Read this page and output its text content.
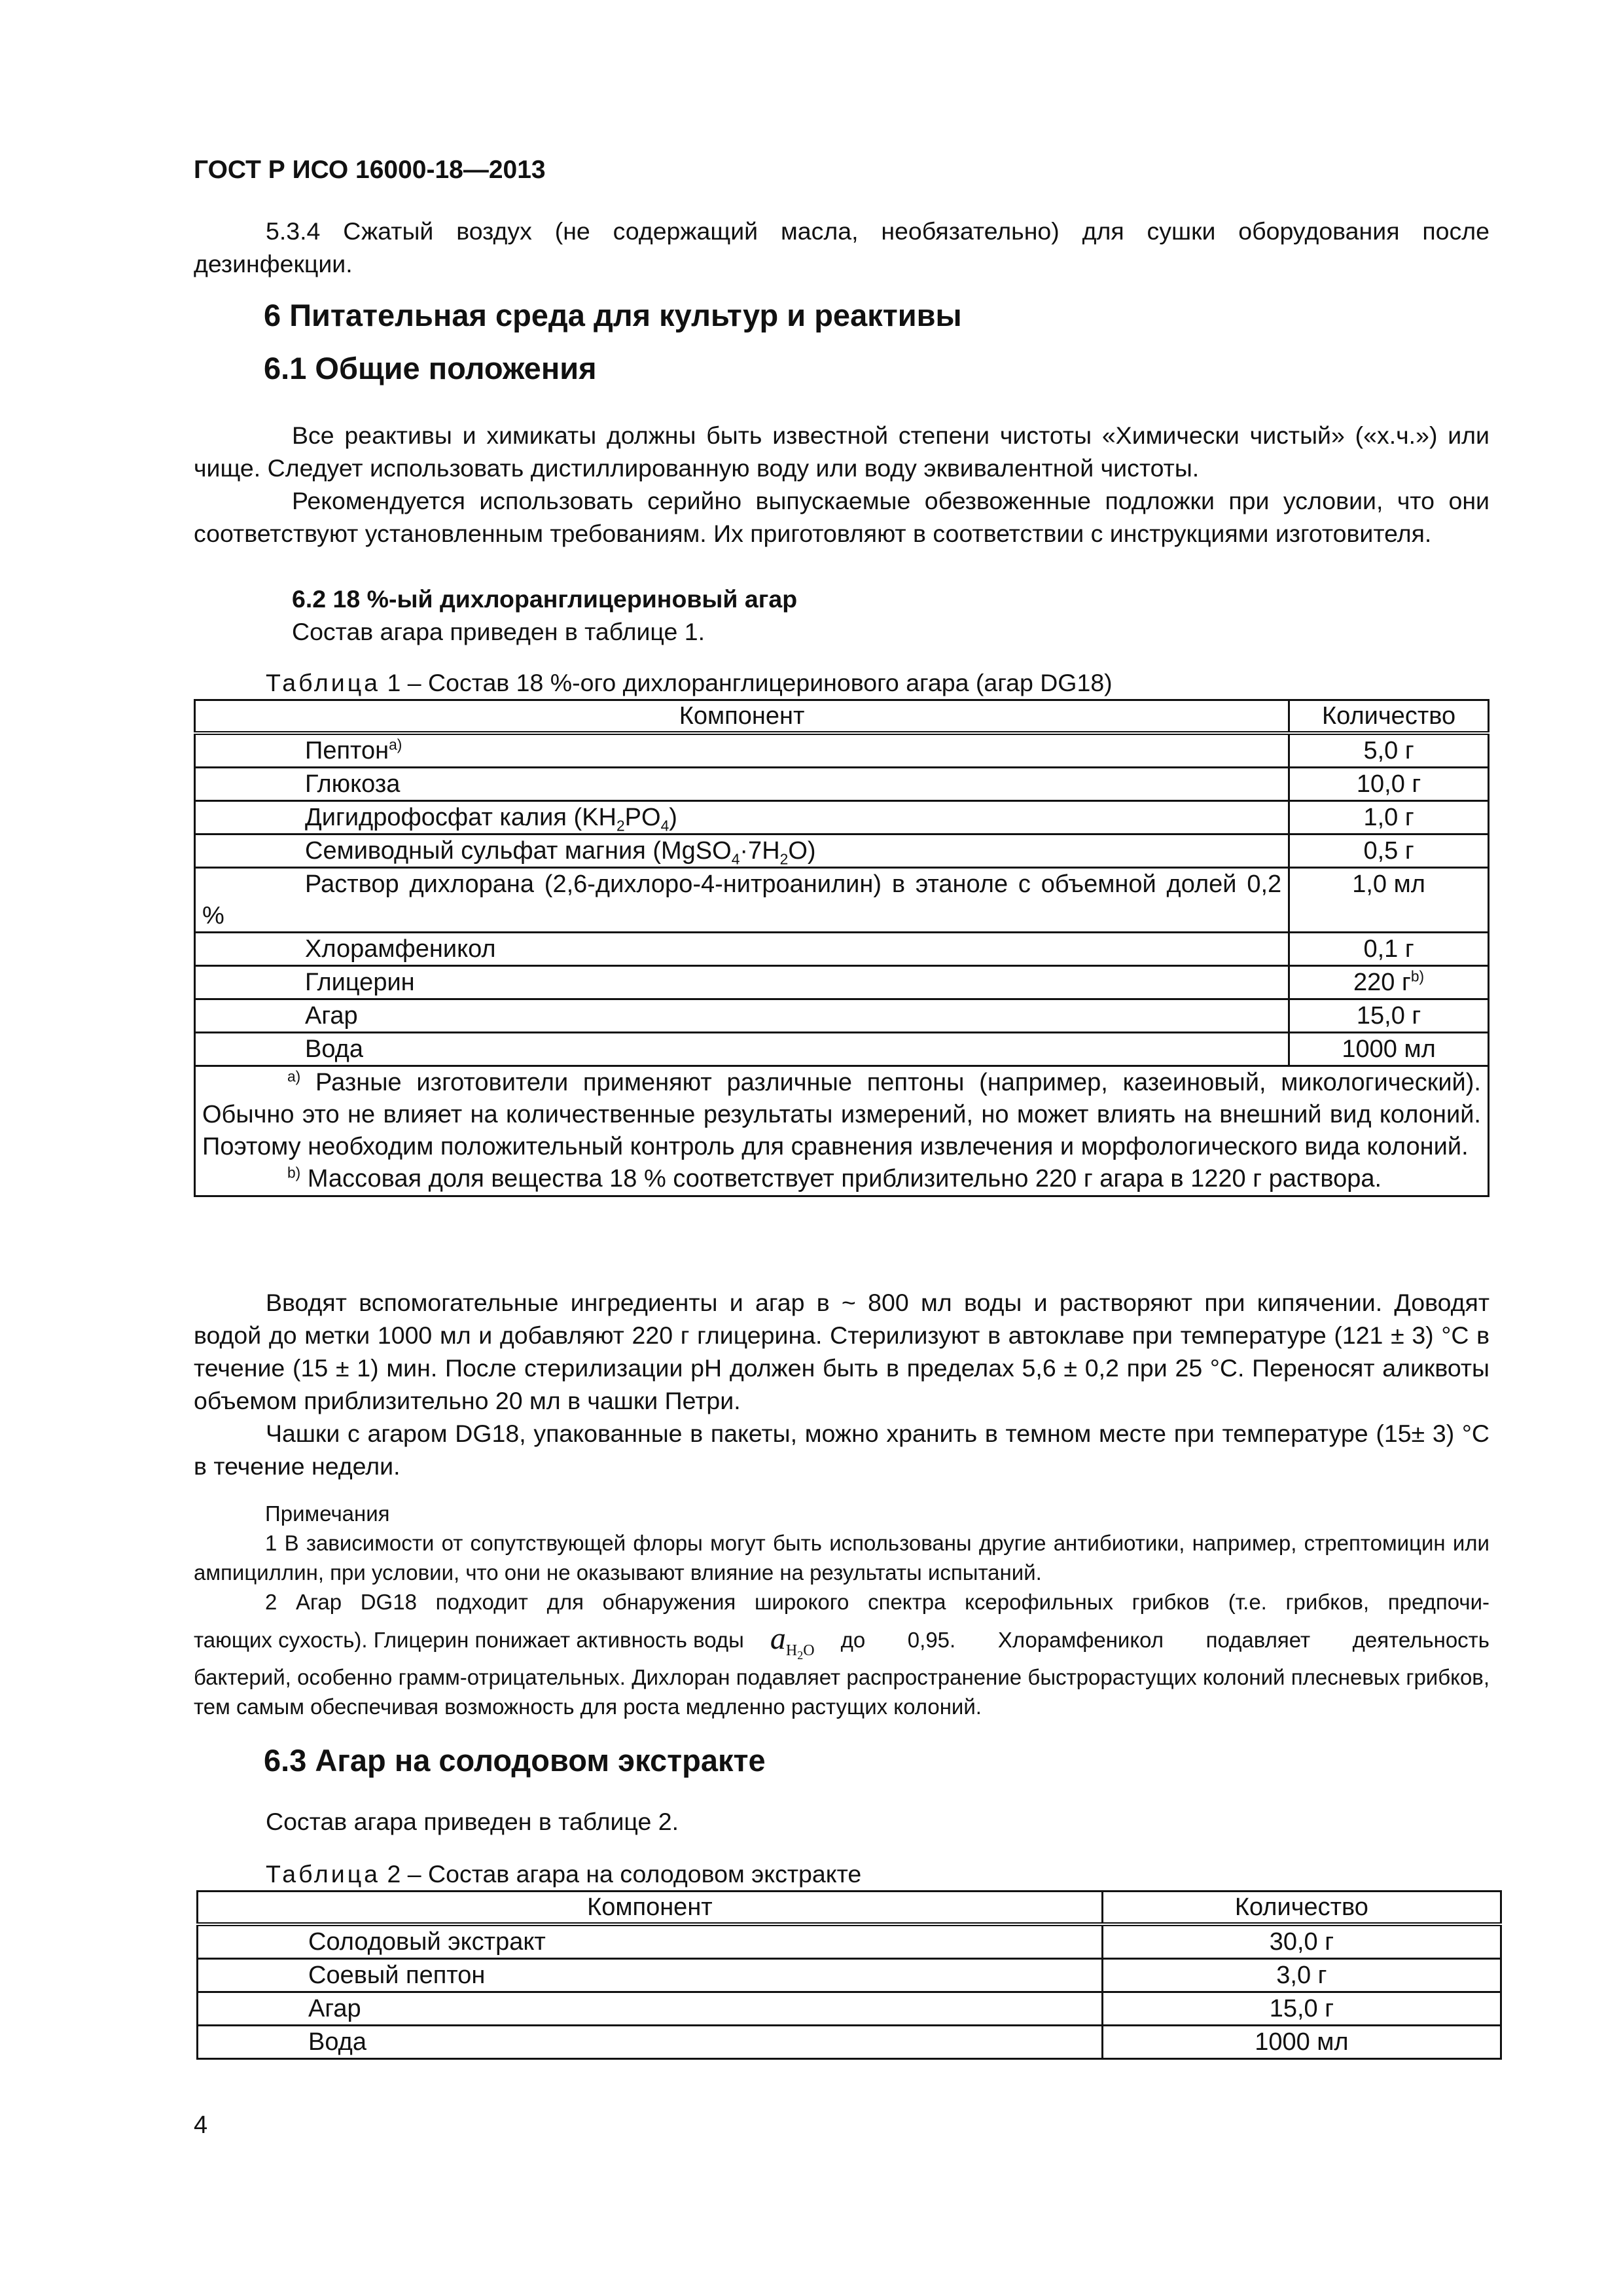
ГОСТ Р ИСО 16000-18—2013
5.3.4 Сжатый воздух (не содержащий масла, необязательно) для сушки оборудования после дезинфекции.
6 Питательная среда для культур и реактивы
6.1 Общие положения
Все реактивы и химикаты должны быть известной степени чистоты «Химически чистый» («х.ч.») или чище. Следует использовать дистиллированную воду или воду эквивалентной чистоты.
Рекомендуется использовать серийно выпускаемые обезвоженные подложки при условии, что они соответствуют установленным требованиям. Их приготовляют в соответствии с инструкциями изготовителя.
6.2 18 %-ый дихлоранглицериновый агар
Состав агара приведен в таблице 1.
Таблица 1 – Состав 18 %-ого дихлоранглицеринового агара (агар DG18)
Компонент	Количество
Пептон$^{a)}$	5,0 г
Глюкоза	10,0 г
Дигидрофосфат калия $(KH_2PO_4)$	1,0 г
Семиводный сульфат магния $(MgSO_4\cdot 7H_2O)$	0,5 г
Раствор дихлорана (2,6-дихлоро-4-нитроанилин) в этаноле с объемной долей 0,2 %	1,0 мл
Хлорамфеникол	0,1 г
Глицерин	220 $г^{b)}$
Агар	15,0 г
Вода	1000 мл

$^{a)}$ Разные изготовители применяют различные пептоны (например, казеиновый, микологический). Обычно это не влияет на количественные результаты измерений, но может влиять на внешний вид колоний. Поэтому необходим положительный контроль для сравнения извлечения и морфологического вида колоний.
$^{b)}$ Массовая доля вещества 18 % соответствует приблизительно 220 г агара в 1220 г раствора.	
Вводят вспомогательные ингредиенты и агар в ~ 800 мл воды и растворяют при кипячении. Доводят водой до метки 1000 мл и добавляют 220 г глицерина. Стерилизуют в автоклаве при температуре (121 ± 3) °С в течение (15 ± 1) мин. После стерилизации pH должен быть в пределах 5,6 ± 0,2 при 25 °С. Переносят аликвоты объемом приблизительно 20 мл в чашки Петри.
Чашки с агаром DG18, упакованные в пакеты, можно хранить в темном месте при температуре (15± 3) °С в течение недели.
Примечания
1 В зависимости от сопутствующей флоры могут быть использованы другие антибиотики, например, стрептомицин или ампициллин, при условии, что они не оказывают влияние на результаты испытаний.
2 Агар DG18 подходит для обнаружения широкого спектра ксерофильных грибков (т.е. грибков, предпочи-
тающих сухость). Глицерин понижает активность воды $a_{H_2O}$ до 0,95. Хлорамфеникол подавляет деятельность
бактерий, особенно грамм-отрицательных. Дихлоран подавляет распространение быстрорастущих колоний плесневых грибков, тем самым обеспечивая возможность для роста медленно растущих колоний.
6.3 Агар на солодовом экстракте
Состав агара приведен в таблице 2.
Таблица 2 – Состав агара на солодовом экстракте
Компонент	Количество
Солодовый экстракт	30,0 г
Соевый пептон	3,0 г
Агар	15,0 г
Вода	1000 мл
4
